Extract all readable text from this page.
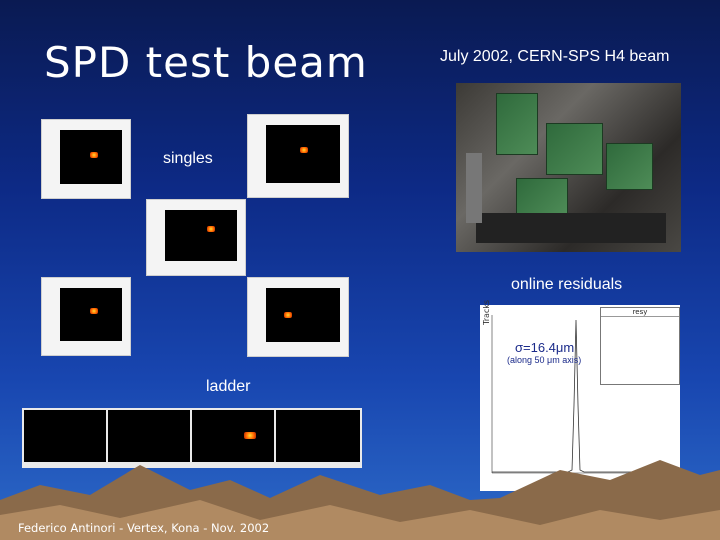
SPD test beam	July 2002, CERN-SPS H4 beam
singles
online residuals
resy
Tracks
σ=16.4μm
(along 50 μm axis)
ladder
Federico Antinori - Vertex, Kona - Nov. 2002
